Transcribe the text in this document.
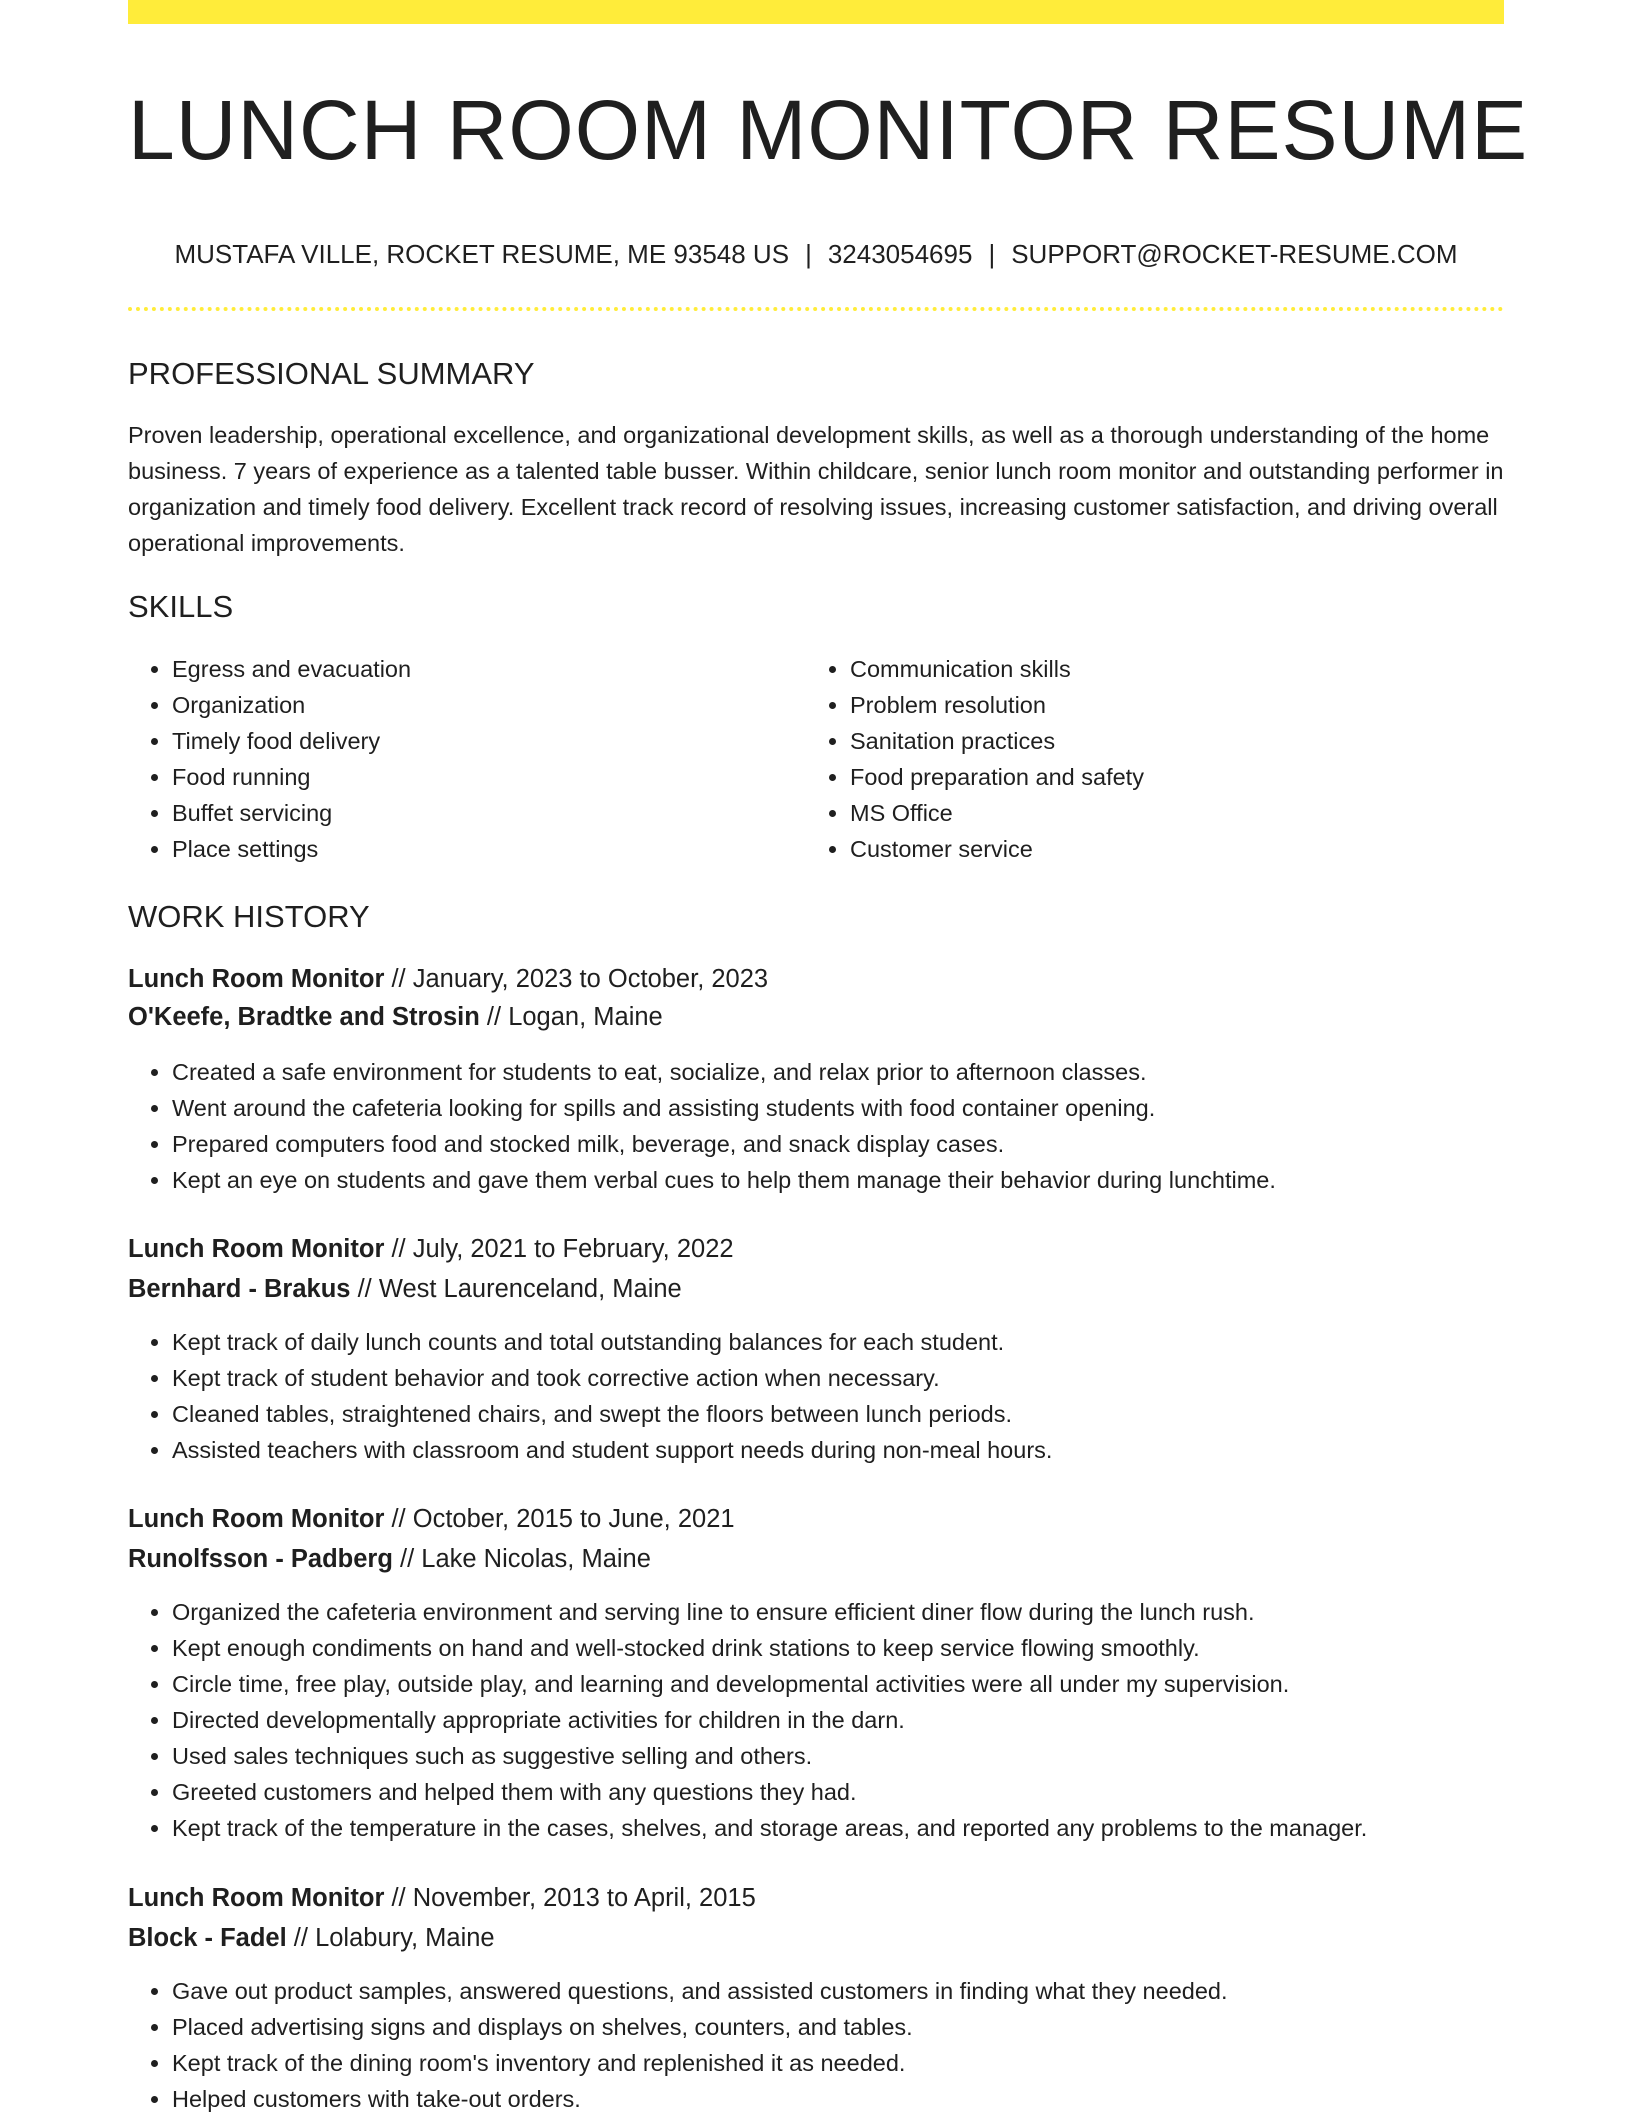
LUNCH ROOM MONITOR RESUME
MUSTAFA VILLE, ROCKET RESUME, ME 93548 US | 3243054695 | SUPPORT@ROCKET-RESUME.COM
PROFESSIONAL SUMMARY

Proven leadership, operational excellence, and organizational development skills, as well as a thorough understanding of the home business. 7 years of experience as a talented table busser. Within childcare, senior lunch room monitor and outstanding performer in organization and timely food delivery. Excellent track record of resolving issues, increasing customer satisfaction, and driving overall operational improvements.

SKILLS
• Egress and evacuation
• Organization
• Timely food delivery
• Food running
• Buffet servicing
• Place settings
• Communication skills
• Problem resolution
• Sanitation practices
• Food preparation and safety
• MS Office
• Customer service
WORK HISTORY
Lunch Room Monitor // January, 2023 to October, 2023
O'Keefe, Bradtke and Strosin // Logan, Maine
• Created a safe environment for students to eat, socialize, and relax prior to afternoon classes.
• Went around the cafeteria looking for spills and assisting students with food container opening.
• Prepared computers food and stocked milk, beverage, and snack display cases.
• Kept an eye on students and gave them verbal cues to help them manage their behavior during lunchtime.
Lunch Room Monitor // July, 2021 to February, 2022
Bernhard - Brakus // West Laurenceland, Maine
• Kept track of daily lunch counts and total outstanding balances for each student.
• Kept track of student behavior and took corrective action when necessary.
• Cleaned tables, straightened chairs, and swept the floors between lunch periods.
• Assisted teachers with classroom and student support needs during non-meal hours.
Lunch Room Monitor // October, 2015 to June, 2021
Runolfsson - Padberg // Lake Nicolas, Maine
• Organized the cafeteria environment and serving line to ensure efficient diner flow during the lunch rush.
• Kept enough condiments on hand and well-stocked drink stations to keep service flowing smoothly.
• Circle time, free play, outside play, and learning and developmental activities were all under my supervision.
• Directed developmentally appropriate activities for children in the darn.
• Used sales techniques such as suggestive selling and others.
• Greeted customers and helped them with any questions they had.
• Kept track of the temperature in the cases, shelves, and storage areas, and reported any problems to the manager.
Lunch Room Monitor // November, 2013 to April, 2015
Block - Fadel // Lolabury, Maine
• Gave out product samples, answered questions, and assisted customers in finding what they needed.
• Placed advertising signs and displays on shelves, counters, and tables.
• Kept track of the dining room's inventory and replenished it as needed.
• Helped customers with take-out orders.
